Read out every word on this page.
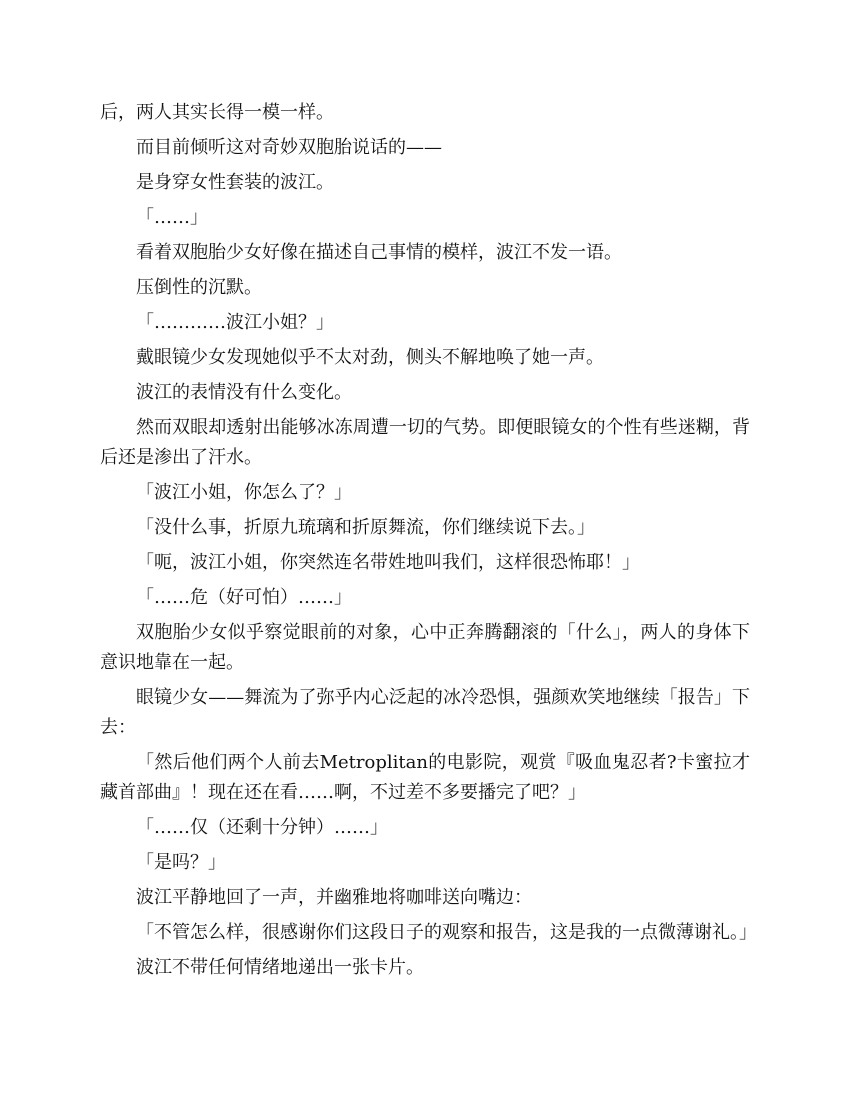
后，两人其实长得一模一样。

而目前倾听这对奇妙双胞胎说话的——

是身穿女性套装的波江。

「……」

看着双胞胎少女好像在描述自己事情的模样，波江不发一语。

压倒性的沉默。

「…………波江小姐？」

戴眼镜少女发现她似乎不太对劲，侧头不解地唤了她一声。

波江的表情没有什么变化。

然而双眼却透射出能够冰冻周遭一切的气势。即便眼镜女的个性有些迷糊，背后还是渗出了汗水。

「波江小姐，你怎么了？」

「没什么事，折原九琉璃和折原舞流，你们继续说下去。」

「呃，波江小姐，你突然连名带姓地叫我们，这样很恐怖耶！」

「……危（好可怕）……」

双胞胎少女似乎察觉眼前的对象，心中正奔腾翻滚的「什么」，两人的身体下意识地靠在一起。

眼镜少女——舞流为了弥乎内心泛起的冰冷恐惧，强颜欢笑地继续「报告」下去：

「然后他们两个人前去Metroplitan的电影院，观赏『吸血鬼忍者?卡蜜拉才藏首部曲』！现在还在看……啊，不过差不多要播完了吧？」

「……仅（还剩十分钟）……」

「是吗？」

波江平静地回了一声，并幽雅地将咖啡送向嘴边：

「不管怎么样，很感谢你们这段日子的观察和报告，这是我的一点微薄谢礼。」

波江不带任何情绪地递出一张卡片。
